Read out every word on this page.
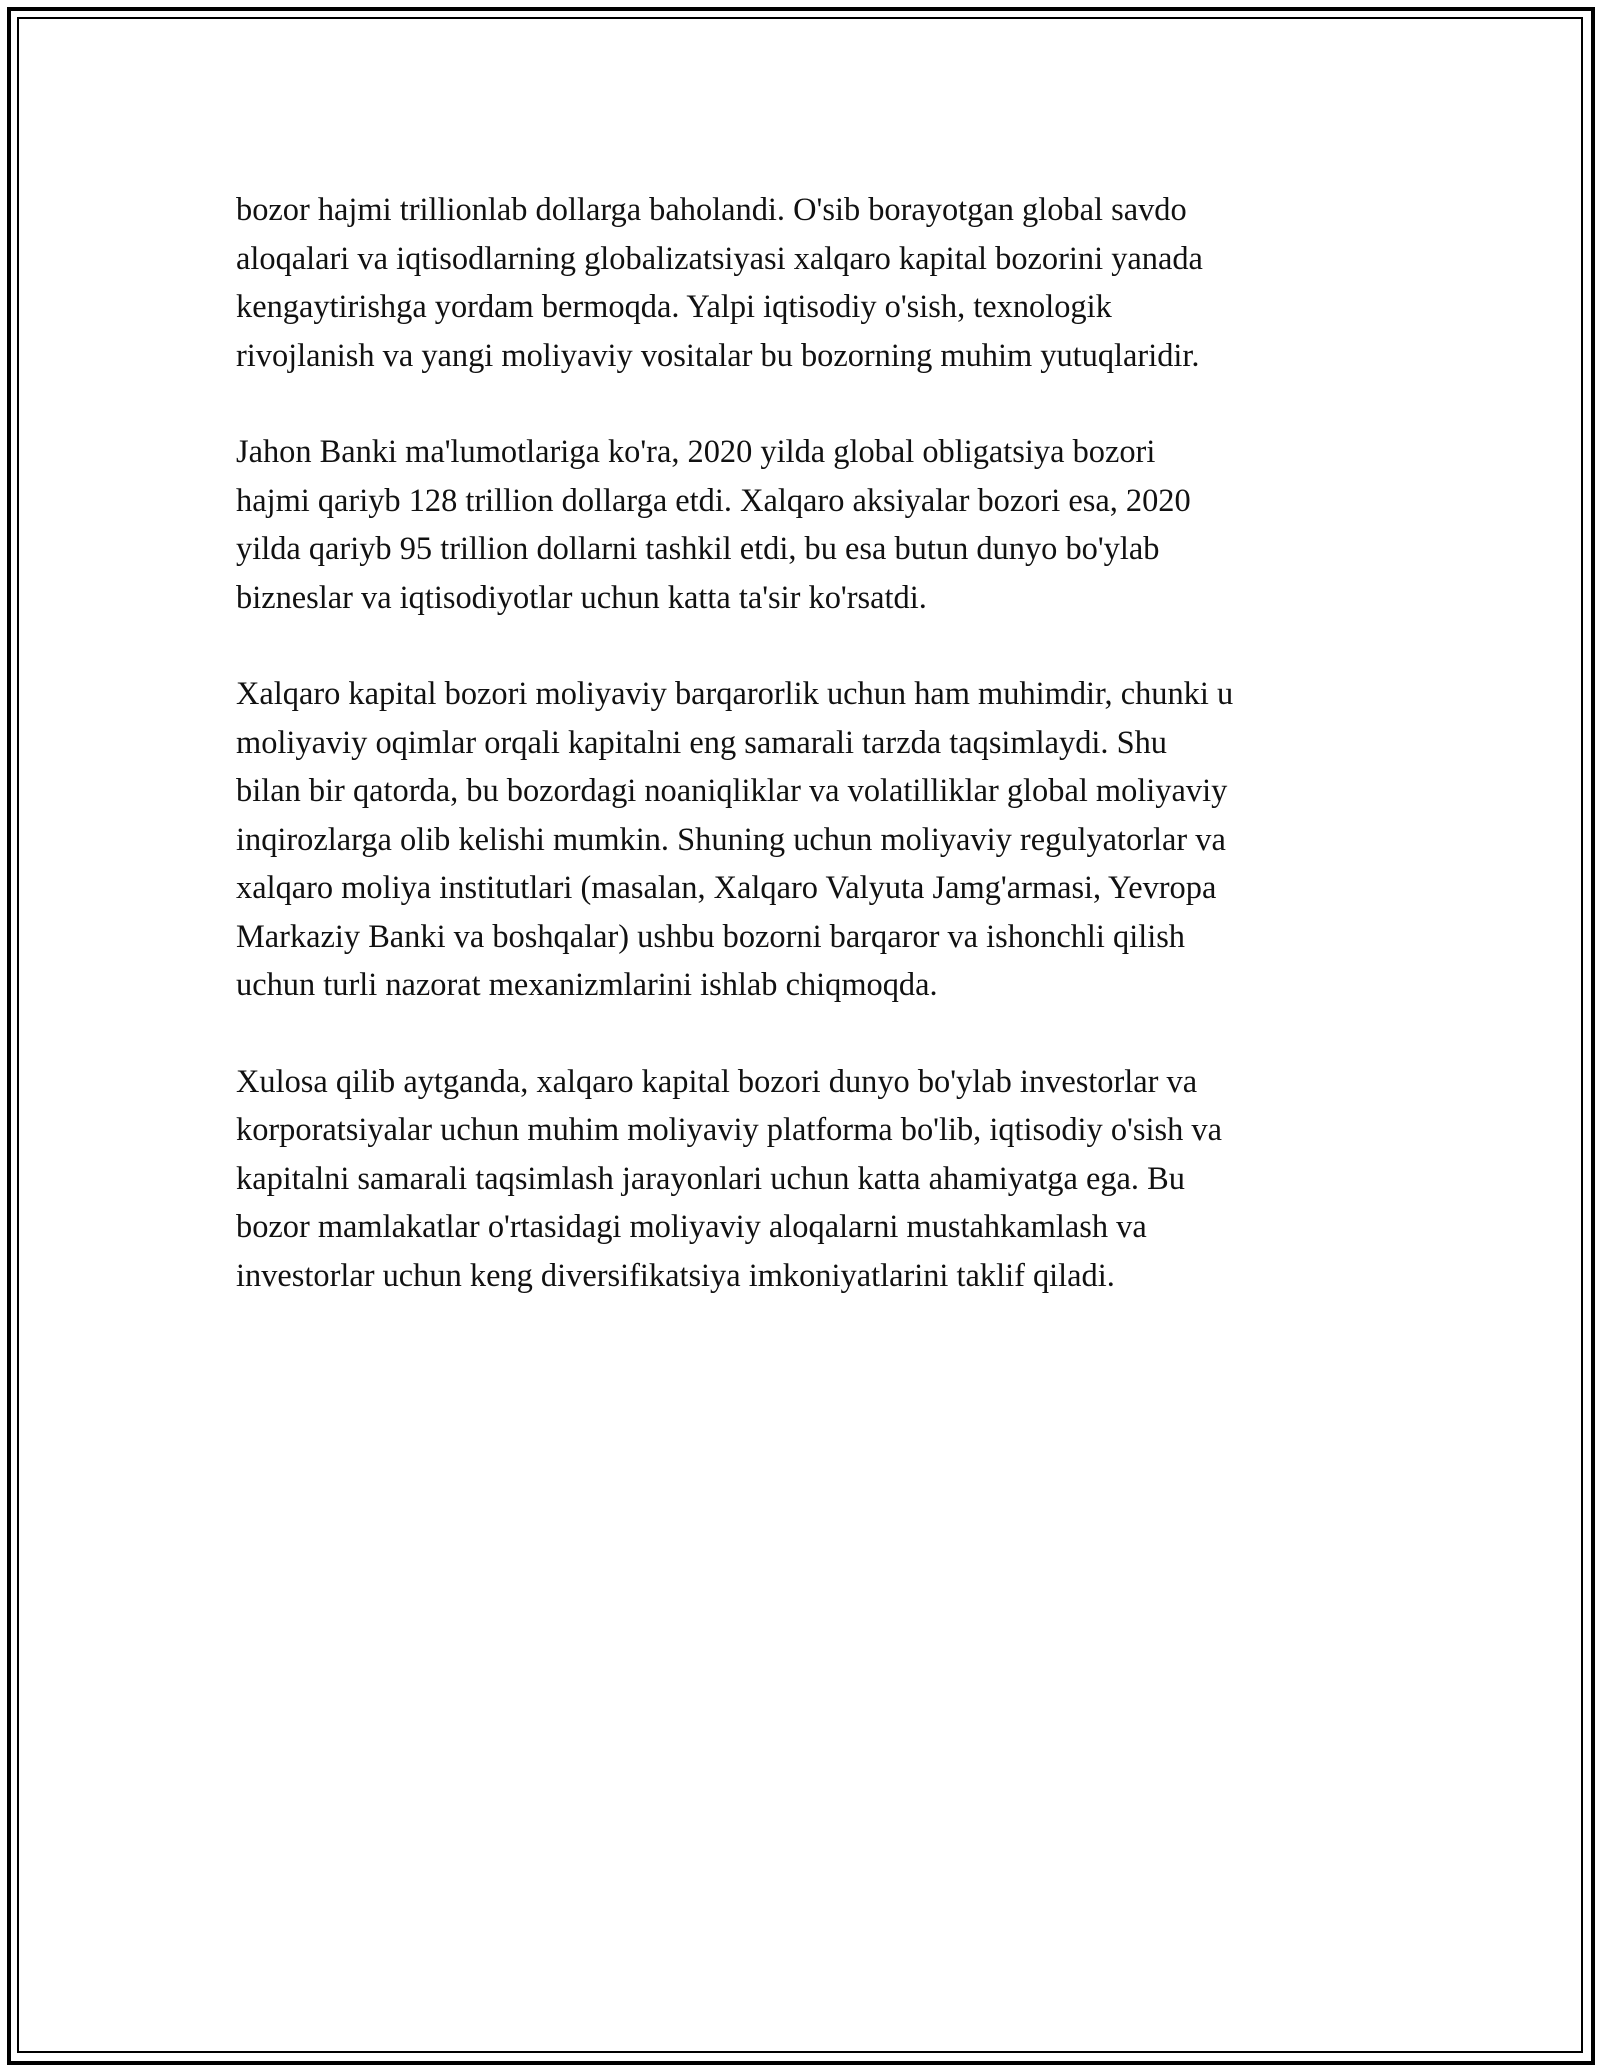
bozor hajmi trillionlab dollarga baholandi. O'sib borayotgan global savdo
aloqalari va iqtisodlarning globalizatsiyasi xalqaro kapital bozorini yanada
kengaytirishga yordam bermoqda. Yalpi iqtisodiy o'sish, texnologik
rivojlanish va yangi moliyaviy vositalar bu bozorning muhim yutuqlaridir.

Jahon Banki ma'lumotlariga ko'ra, 2020 yilda global obligatsiya bozori
hajmi qariyb 128 trillion dollarga etdi. Xalqaro aksiyalar bozori esa, 2020
yilda qariyb 95 trillion dollarni tashkil etdi, bu esa butun dunyo bo'ylab
bizneslar va iqtisodiyotlar uchun katta ta'sir ko'rsatdi.

Xalqaro kapital bozori moliyaviy barqarorlik uchun ham muhimdir, chunki u
moliyaviy oqimlar orqali kapitalni eng samarali tarzda taqsimlaydi. Shu
bilan bir qatorda, bu bozordagi noaniqliklar va volatilliklar global moliyaviy
inqirozlarga olib kelishi mumkin. Shuning uchun moliyaviy regulyatorlar va
xalqaro moliya institutlari (masalan, Xalqaro Valyuta Jamg'armasi, Yevropa
Markaziy Banki va boshqalar) ushbu bozorni barqaror va ishonchli qilish
uchun turli nazorat mexanizmlarini ishlab chiqmoqda.

Xulosa qilib aytganda, xalqaro kapital bozori dunyo bo'ylab investorlar va
korporatsiyalar uchun muhim moliyaviy platforma bo'lib, iqtisodiy o'sish va
kapitalni samarali taqsimlash jarayonlari uchun katta ahamiyatga ega. Bu
bozor mamlakatlar o'rtasidagi moliyaviy aloqalarni mustahkamlash va
investorlar uchun keng diversifikatsiya imkoniyatlarini taklif qiladi.
